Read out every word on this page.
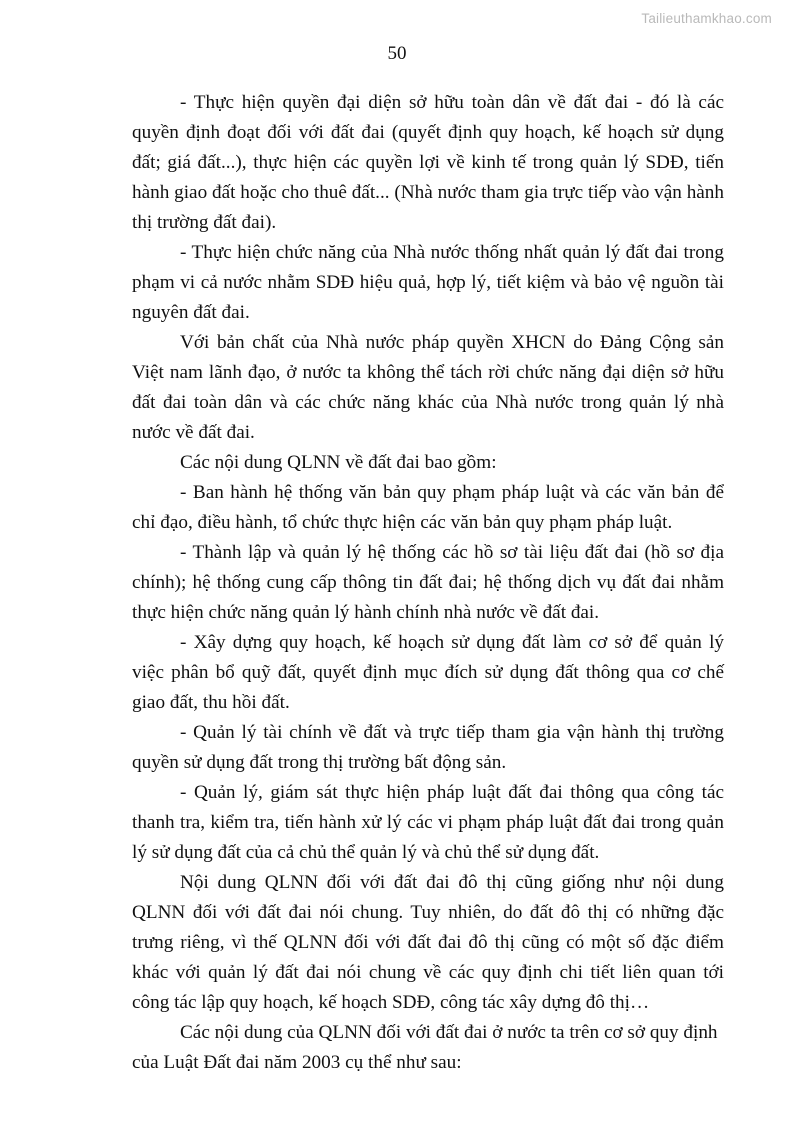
Tailieuthamkhao.com
50

- Thực hiện quyền đại diện sở hữu toàn dân về đất đai - đó là các quyền định đoạt đối với đất đai (quyết định quy hoạch, kế hoạch sử dụng đất; giá đất...), thực hiện các quyền lợi về kinh tế trong quản lý SDĐ, tiến hành giao đất hoặc cho thuê đất... (Nhà nước tham gia trực tiếp vào vận hành thị trường đất đai).

- Thực hiện chức năng của Nhà nước thống nhất quản lý đất đai trong phạm vi cả nước nhằm SDĐ hiệu quả, hợp lý, tiết kiệm và bảo vệ nguồn tài nguyên đất đai.

Với bản chất của Nhà nước pháp quyền XHCN do Đảng Cộng sản Việt nam lãnh đạo, ở nước ta không thể tách rời chức năng đại diện sở hữu đất đai toàn dân và các chức năng khác của Nhà nước trong quản lý nhà nước về đất đai.

Các nội dung QLNN về đất đai bao gồm:

- Ban hành hệ thống văn bản quy phạm pháp luật và các văn bản để chỉ đạo, điều hành, tổ chức thực hiện các văn bản quy phạm pháp luật.

- Thành lập và quản lý hệ thống các hồ sơ tài liệu đất đai (hồ sơ địa chính); hệ thống cung cấp thông tin đất đai; hệ thống dịch vụ đất đai nhằm thực hiện chức năng quản lý hành chính nhà nước về đất đai.

- Xây dựng quy hoạch, kế hoạch sử dụng đất làm cơ sở để quản lý việc phân bổ quỹ đất, quyết định mục đích sử dụng đất thông qua cơ chế giao đất, thu hồi đất.

- Quản lý tài chính về đất và trực tiếp tham gia vận hành thị trường quyền sử dụng đất trong thị trường bất động sản.

- Quản lý, giám sát thực hiện pháp luật đất đai thông qua công tác thanh tra, kiểm tra, tiến hành xử lý các vi phạm pháp luật đất đai trong quản lý sử dụng đất của cả chủ thể quản lý và chủ thể sử dụng đất.

Nội dung QLNN đối với đất đai đô thị cũng giống như nội dung QLNN đối với đất đai nói chung. Tuy nhiên, do đất đô thị có những đặc trưng riêng, vì thế QLNN đối với đất đai đô thị cũng có một số đặc điểm khác với quản lý đất đai nói chung về các quy định chi tiết liên quan tới công tác lập quy hoạch, kế hoạch SDĐ, công tác xây dựng đô thị…

Các nội dung của QLNN đối với đất đai ở nước ta trên cơ sở quy định của Luật Đất đai năm 2003 cụ thể như sau:
